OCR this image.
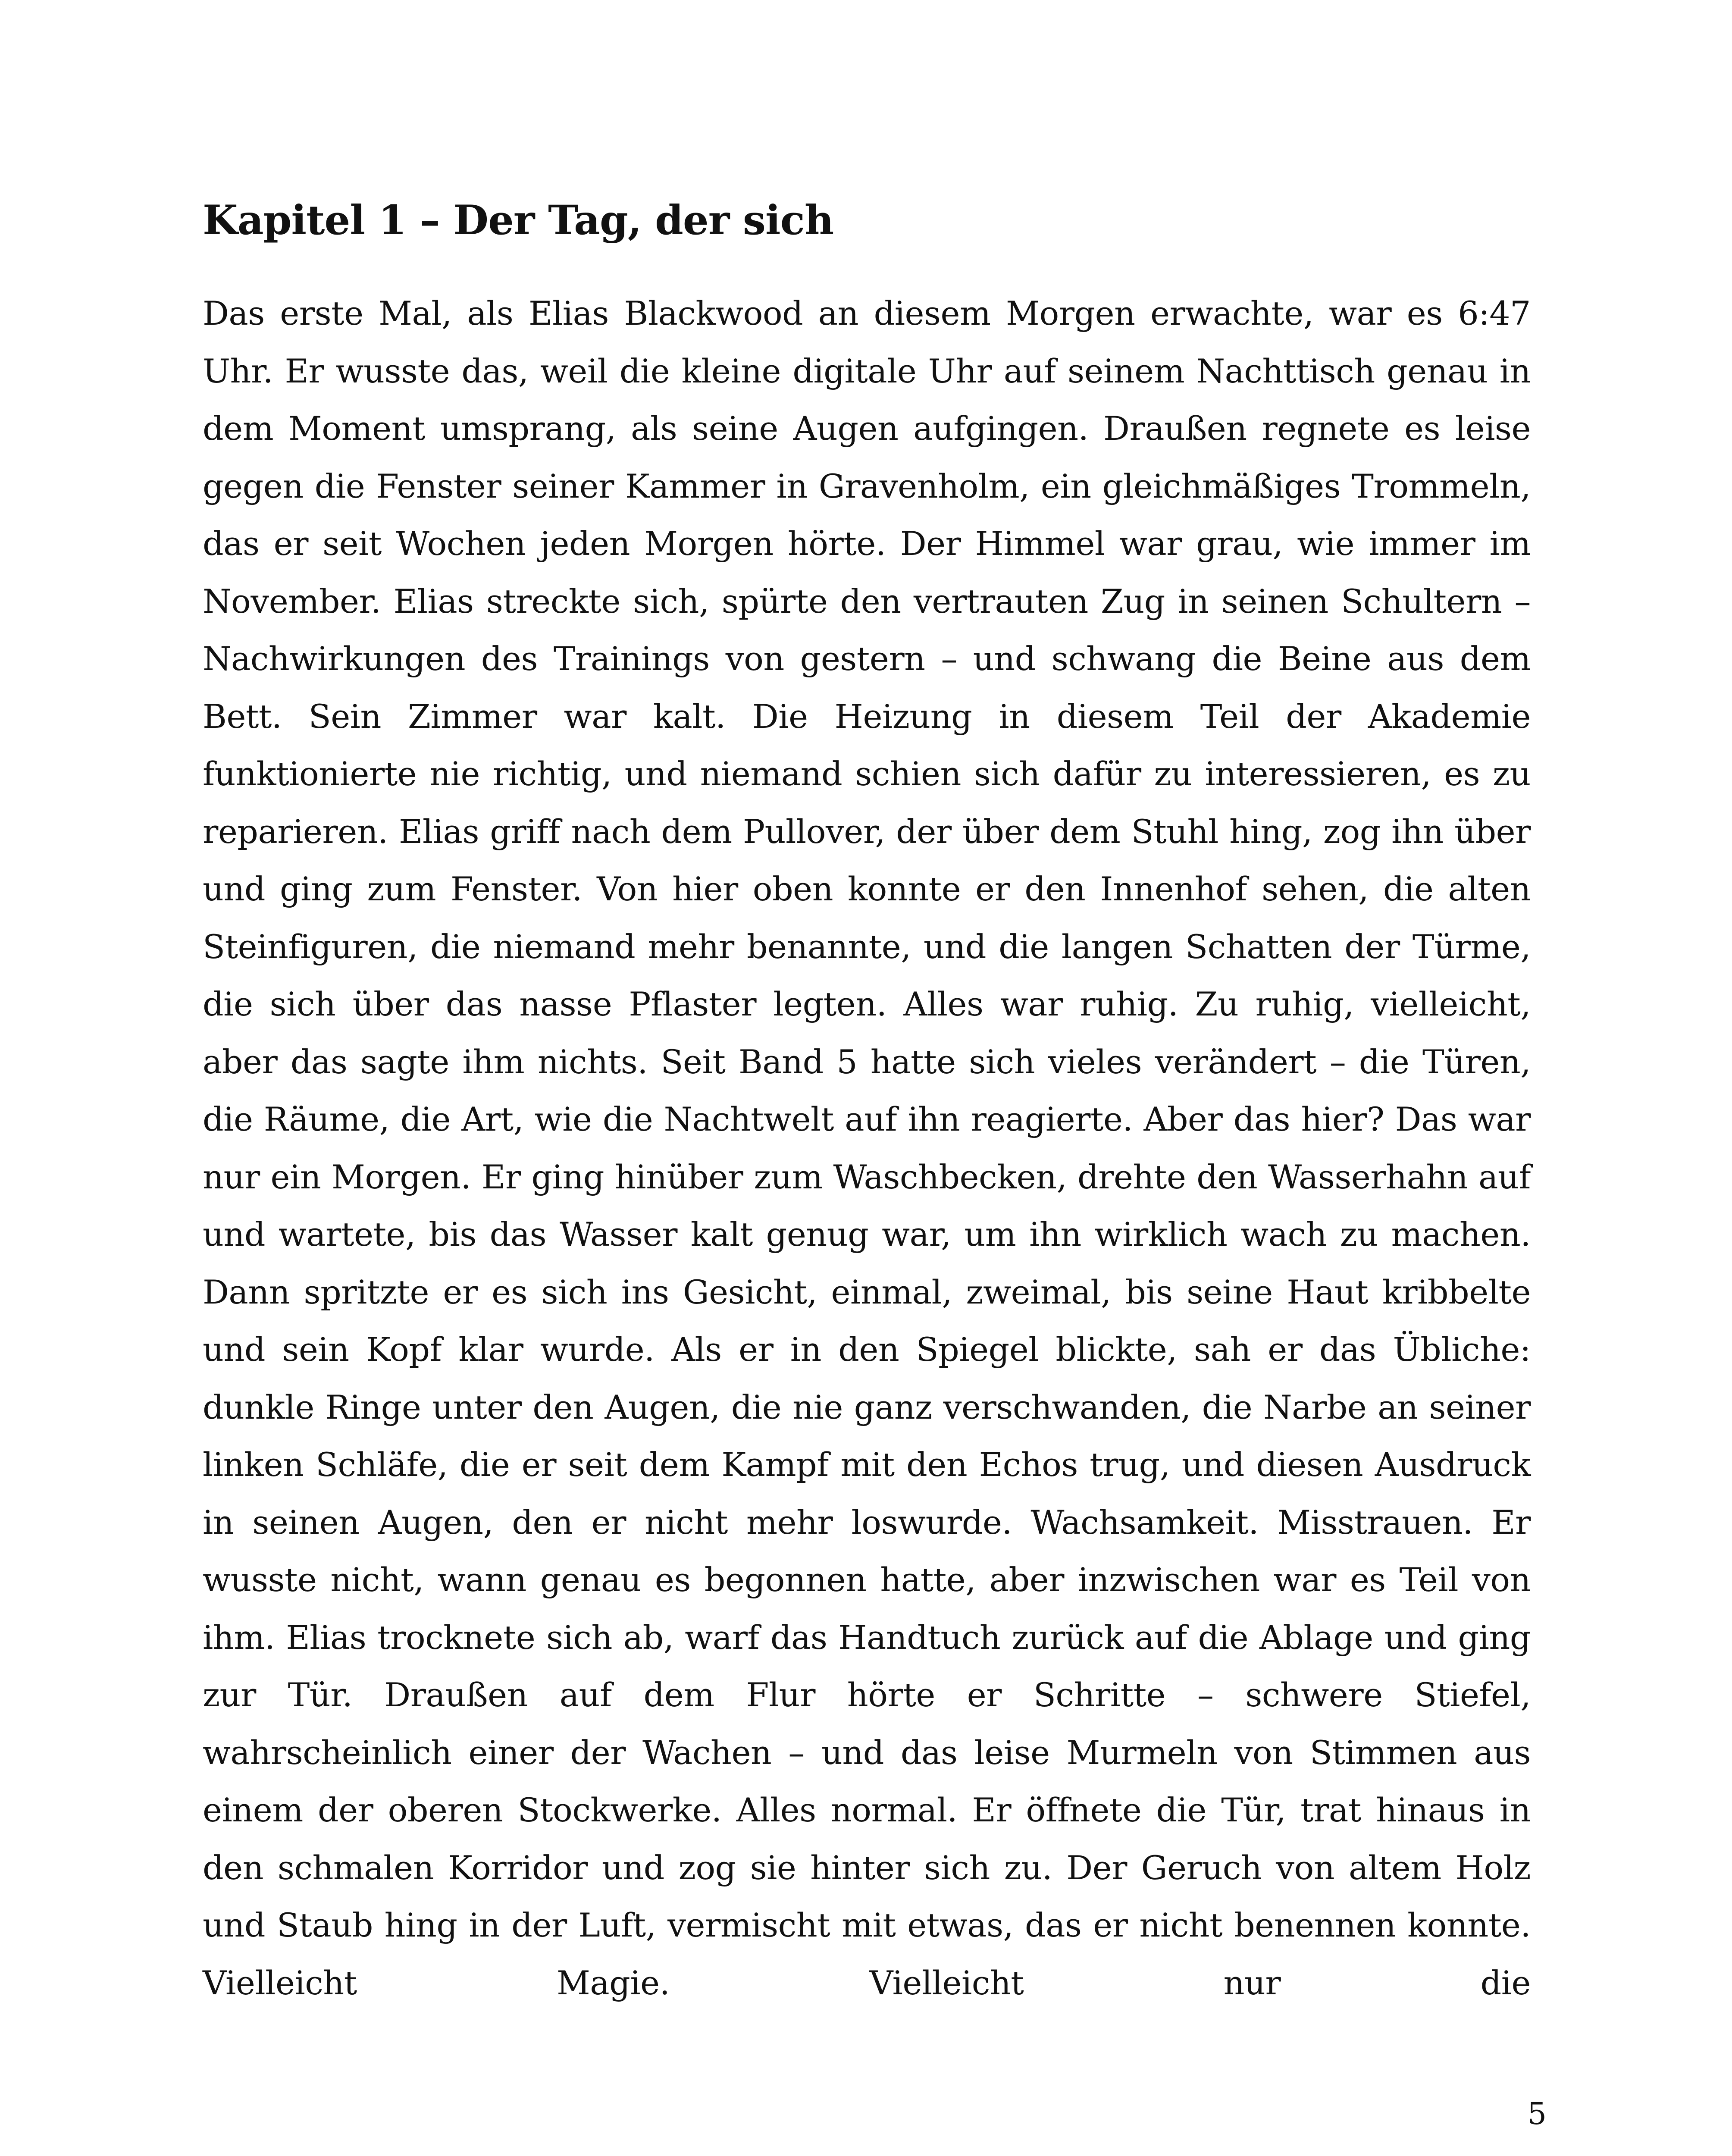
Kapitel 1 – Der Tag, der sich

Das erste Mal, als Elias Blackwood an diesem Morgen erwachte, war es 6:47 Uhr. Er wusste das, weil die kleine digitale Uhr auf seinem Nachttisch genau in dem Moment umsprang, als seine Augen aufgingen. Draußen regnete es leise gegen die Fenster seiner Kammer in Gravenholm, ein gleichmäßiges Trommeln, das er seit Wochen jeden Morgen hörte. Der Himmel war grau, wie immer im November. Elias streckte sich, spürte den vertrauten Zug in seinen Schultern – Nachwirkungen des Trainings von gestern – und schwang die Beine aus dem Bett. Sein Zimmer war kalt. Die Heizung in diesem Teil der Akademie funktionierte nie richtig, und niemand schien sich dafür zu interessieren, es zu reparieren. Elias griff nach dem Pullover, der über dem Stuhl hing, zog ihn über und ging zum Fenster. Von hier oben konnte er den Innenhof sehen, die alten Steinfiguren, die niemand mehr benannte, und die langen Schatten der Türme, die sich über das nasse Pflaster legten. Alles war ruhig. Zu ruhig, vielleicht, aber das sagte ihm nichts. Seit Band 5 hatte sich vieles verändert – die Türen, die Räume, die Art, wie die Nachtwelt auf ihn reagierte. Aber das hier? Das war nur ein Morgen. Er ging hinüber zum Waschbecken, drehte den Wasserhahn auf und wartete, bis das Wasser kalt genug war, um ihn wirklich wach zu machen. Dann spritzte er es sich ins Gesicht, einmal, zweimal, bis seine Haut kribbelte und sein Kopf klar wurde. Als er in den Spiegel blickte, sah er das Übliche: dunkle Ringe unter den Augen, die nie ganz verschwanden, die Narbe an seiner linken Schläfe, die er seit dem Kampf mit den Echos trug, und diesen Ausdruck in seinen Augen, den er nicht mehr loswurde. Wachsamkeit. Misstrauen. Er wusste nicht, wann genau es begonnen hatte, aber inzwischen war es Teil von ihm. Elias trocknete sich ab, warf das Handtuch zurück auf die Ablage und ging zur Tür. Draußen auf dem Flur hörte er Schritte – schwere Stiefel, wahrscheinlich einer der Wachen – und das leise Murmeln von Stimmen aus einem der oberen Stockwerke. Alles normal. Er öffnete die Tür, trat hinaus in den schmalen Korridor und zog sie hinter sich zu. Der Geruch von altem Holz und Staub hing in der Luft, vermischt mit etwas, das er nicht benennen konnte. Vielleicht Magie. Vielleicht nur die

5
